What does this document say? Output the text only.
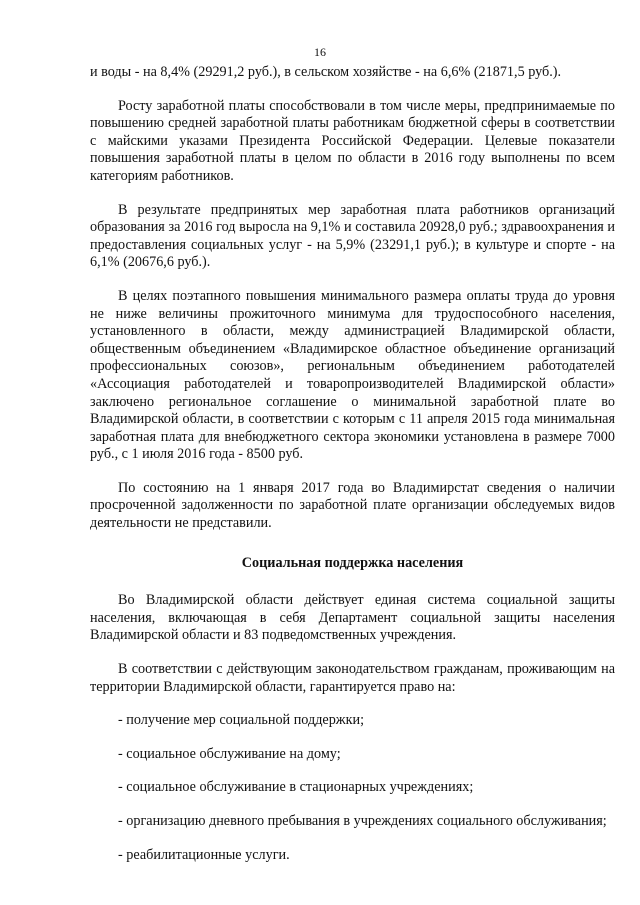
16

и воды - на 8,4% (29291,2 руб.), в сельском хозяйстве - на 6,6% (21871,5 руб.).

Росту заработной платы способствовали в том числе меры, предпринимаемые по повышению средней заработной платы работникам бюджетной сферы в соответствии с майскими указами Президента Российской Федерации. Целевые показатели повышения заработной платы в целом по области в 2016 году выполнены по всем категориям работников.

В результате предпринятых мер заработная плата работников организаций образования за 2016 год выросла на 9,1% и составила 20928,0 руб.; здравоохранения и предоставления социальных услуг - на 5,9% (23291,1 руб.); в культуре и спорте - на 6,1% (20676,6 руб.).

В целях поэтапного повышения минимального размера оплаты труда до уровня не ниже величины прожиточного минимума для трудоспособного населения, установленного в области, между администрацией Владимирской области, общественным объединением «Владимирское областное объединение организаций профессиональных союзов», региональным объединением работодателей «Ассоциация работодателей и товаропроизводителей Владимирской области» заключено региональное соглашение о минимальной заработной плате во Владимирской области, в соответствии с которым с 11 апреля 2015 года минимальная заработная плата для внебюджетного сектора экономики установлена в размере 7000 руб., с 1 июля 2016 года - 8500 руб.

По состоянию на 1 января 2017 года во Владимирстат сведения о наличии просроченной задолженности по заработной плате организации обследуемых видов деятельности не представили.

Социальная поддержка населения

Во Владимирской области действует единая система социальной защиты населения, включающая в себя Департамент социальной защиты населения Владимирской области и 83 подведомственных учреждения.

В соответствии с действующим законодательством гражданам, проживающим на территории Владимирской области, гарантируется право на:

- получение мер социальной поддержки;

- социальное обслуживание на дому;

- социальное обслуживание в стационарных учреждениях;

- организацию дневного пребывания в учреждениях социального обслуживания;

- реабилитационные услуги.
